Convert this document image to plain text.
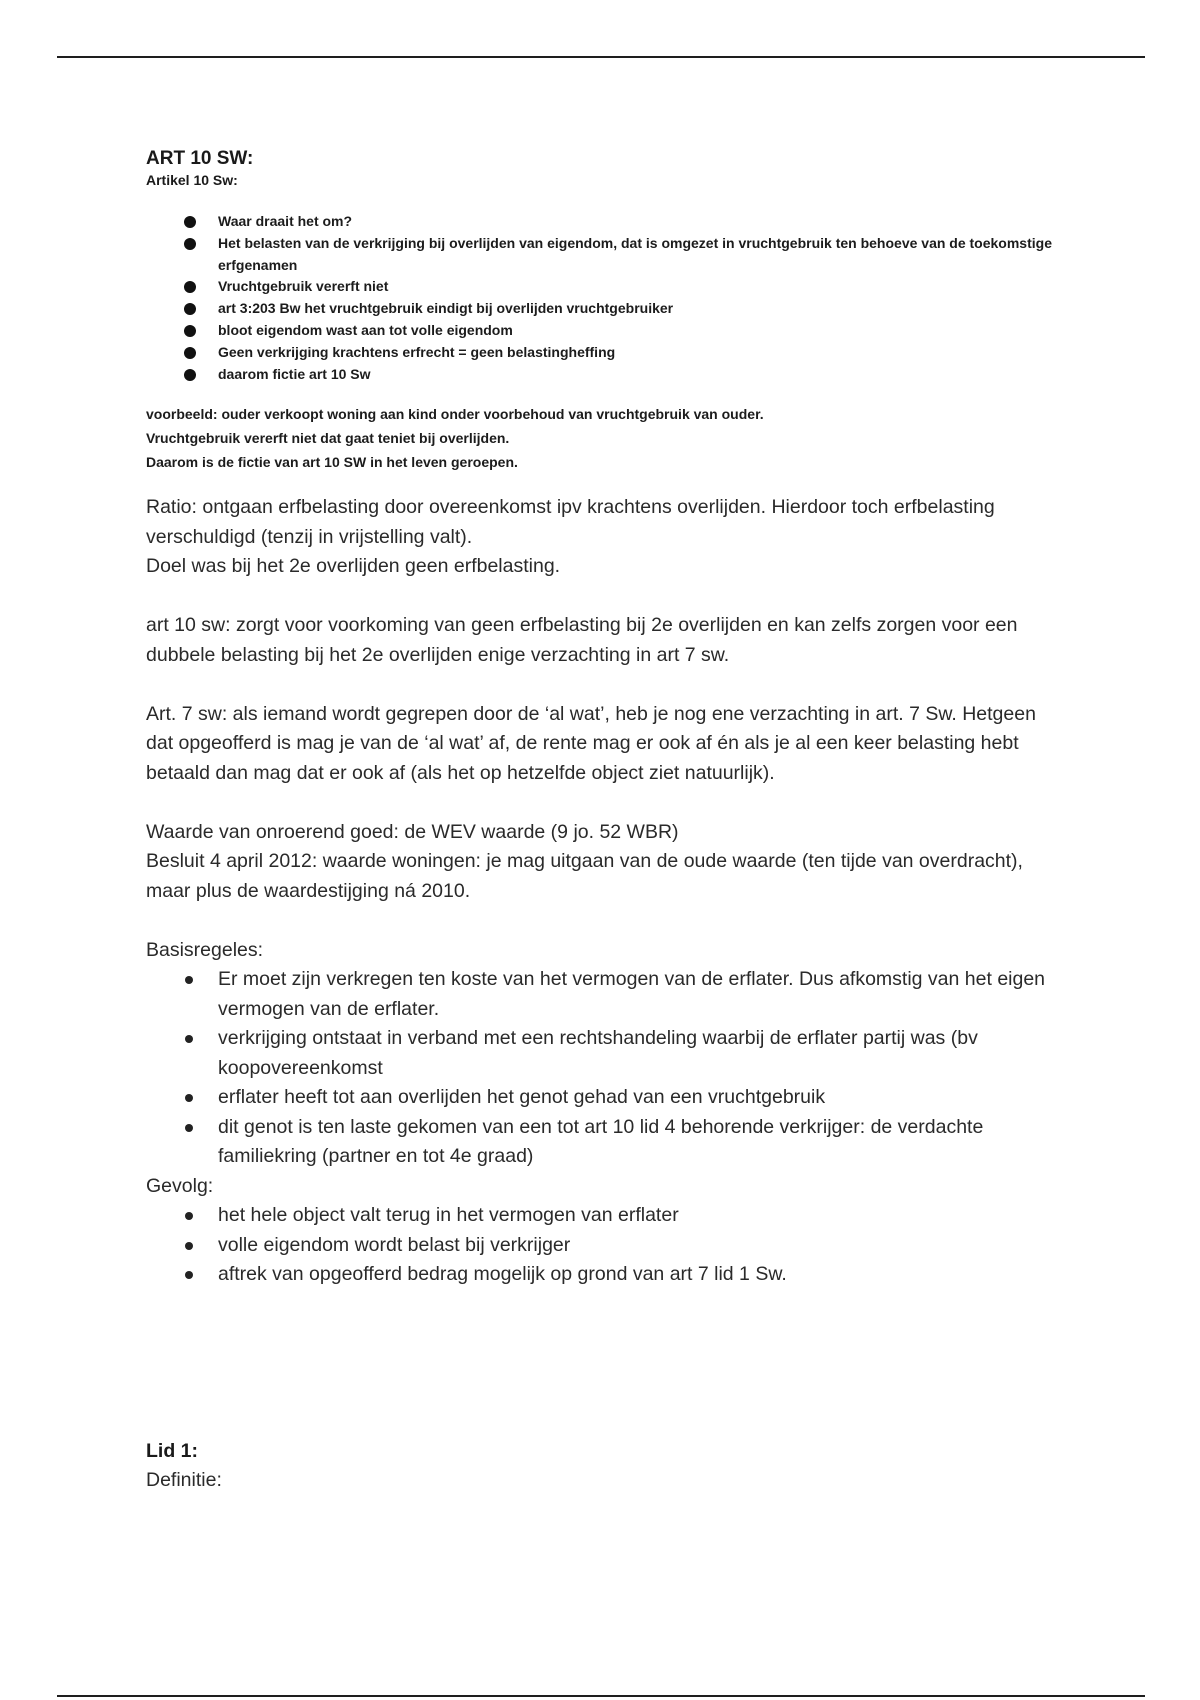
ART 10 SW:
Artikel 10 Sw:
Waar draait het om?
Het belasten van de verkrijging bij overlijden van eigendom, dat is omgezet in vruchtgebruik ten behoeve van de toekomstige erfgenamen
Vruchtgebruik vererft niet
art 3:203 Bw het vruchtgebruik eindigt bij overlijden vruchtgebruiker
bloot eigendom wast aan tot volle eigendom
Geen verkrijging krachtens erfrecht = geen belastingheffing
daarom fictie art 10 Sw
voorbeeld: ouder verkoopt woning aan kind onder voorbehoud van vruchtgebruik van ouder.
Vruchtgebruik vererft niet dat gaat teniet bij overlijden.
Daarom is de fictie van art 10 SW in het leven geroepen.

Ratio: ontgaan erfbelasting door overeenkomst ipv krachtens overlijden. Hierdoor toch erfbelasting verschuldigd (tenzij in vrijstelling valt).

Doel was bij het 2e overlijden geen erfbelasting.

art 10 sw: zorgt voor voorkoming van geen erfbelasting bij 2e overlijden en kan zelfs zorgen voor een dubbele belasting bij het 2e overlijden enige verzachting in art 7 sw.

Art. 7 sw: als iemand wordt gegrepen door de ‘al wat’, heb je nog ene verzachting in art. 7 Sw. Hetgeen dat opgeofferd is mag je van de ‘al wat’ af, de rente mag er ook af én als je al een keer belasting hebt betaald dan mag dat er ook af (als het op hetzelfde object ziet natuurlijk).

Waarde van onroerend goed: de WEV waarde (9 jo. 52 WBR)

Besluit 4 april 2012: waarde woningen: je mag uitgaan van de oude waarde (ten tijde van overdracht), maar plus de waardestijging ná 2010.

Basisregeles:

Er moet zijn verkregen ten koste van het vermogen van de erflater. Dus afkomstig van het eigen vermogen van de erflater.
verkrijging ontstaat in verband met een rechtshandeling waarbij de erflater partij was (bv koopovereenkomst
erflater heeft tot aan overlijden het genot gehad van een vruchtgebruik
dit genot is ten laste gekomen van een tot art 10 lid 4 behorende verkrijger: de verdachte familiekring (partner en tot 4e graad)

Gevolg:

het hele object valt terug in het vermogen van erflater
volle eigendom wordt belast bij verkrijger
aftrek van opgeofferd bedrag mogelijk op grond van art 7 lid 1 Sw.

Lid 1:

Definitie:
